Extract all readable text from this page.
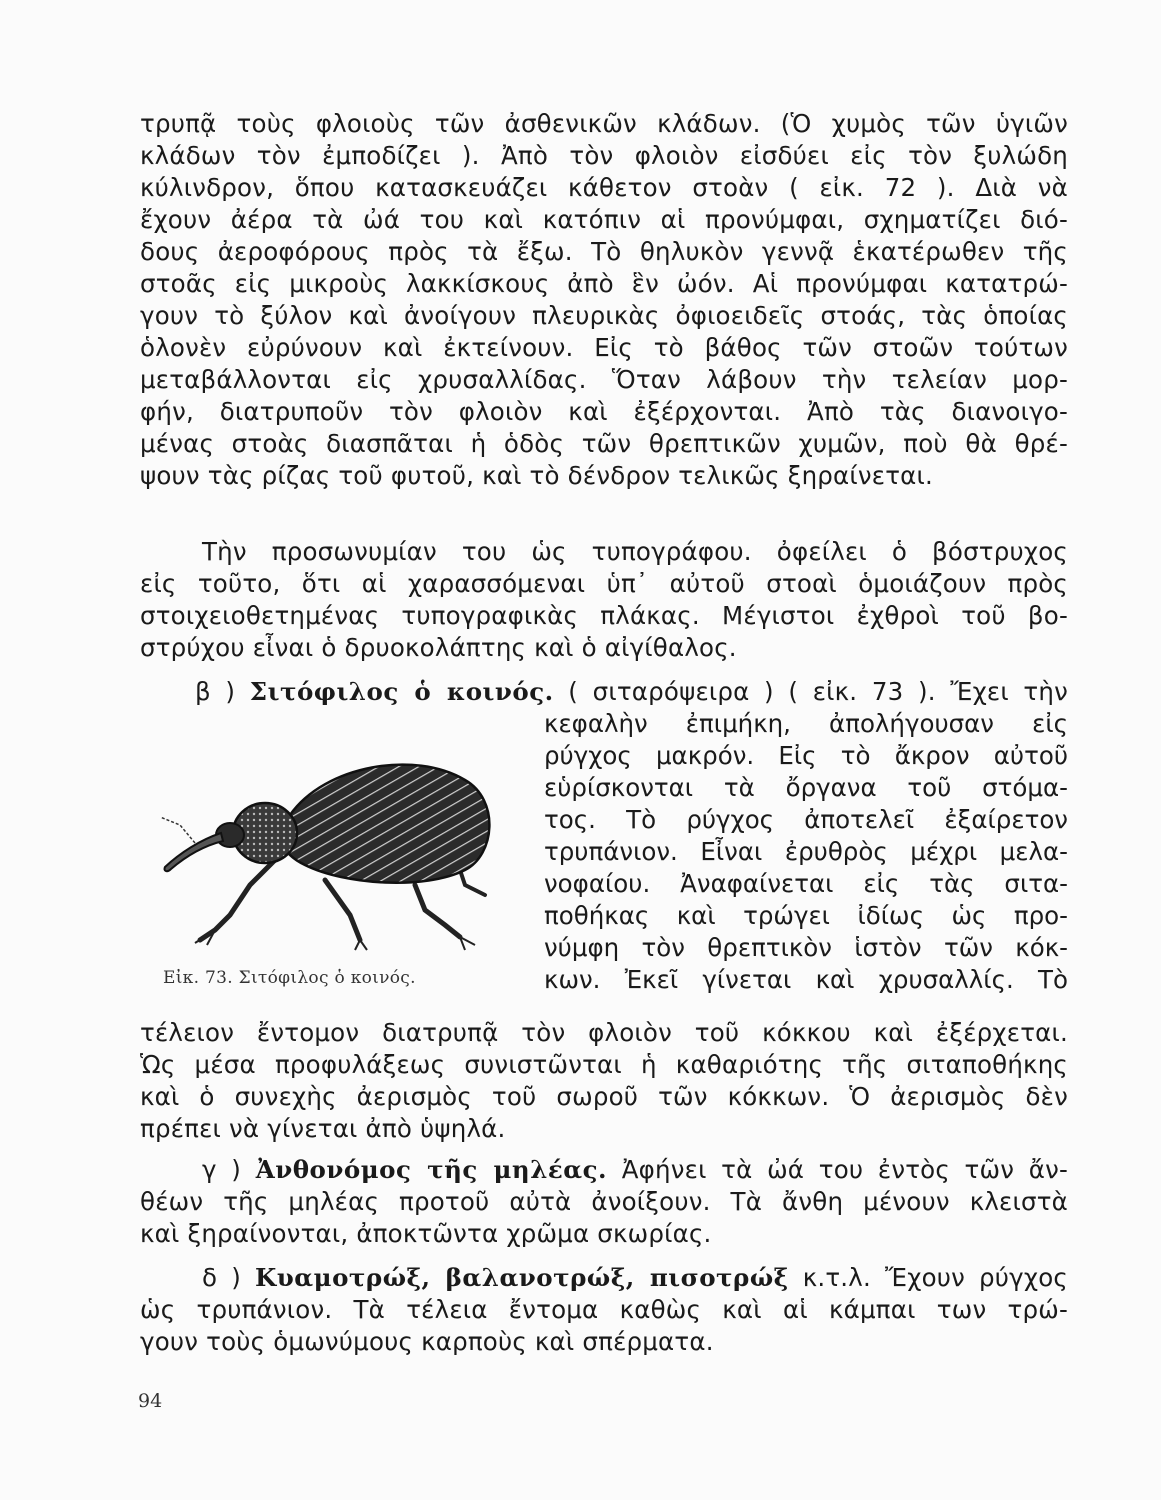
τρυπᾷ τοὺς φλοιοὺς τῶν ἀσθενικῶν κλάδων. (Ὁ χυμὸς τῶν ὑγιῶν
κλάδων τὸν ἐμποδίζει ). Ἀπὸ τὸν φλοιὸν εἰσδύει εἰς τὸν ξυλώδη
κύλινδρον, ὅπου κατασκευάζει κάθετον στοὰν ( εἰκ. 72 ). Διὰ νὰ
ἔχουν ἀέρα τὰ ὠά του καὶ κατόπιν αἱ προνύμφαι, σχηματίζει διό-
δους ἀεροφόρους πρὸς τὰ ἔξω. Τὸ θηλυκὸν γεννᾷ ἑκατέρωθεν τῆς
στοᾶς εἰς μικροὺς λακκίσκους ἀπὸ ἓν ὠόν. Αἱ προνύμφαι κατατρώ-
γουν τὸ ξύλον καὶ ἀνοίγουν πλευρικὰς ὀφιοειδεῖς στοάς, τὰς ὁποίας
ὁλονὲν εὐρύνουν καὶ ἐκτείνουν. Εἰς τὸ βάθος τῶν στοῶν τούτων
μεταβάλλονται εἰς χρυσαλλίδας. Ὅταν λάβουν τὴν τελείαν μορ-
φήν, διατρυποῦν τὸν φλοιὸν καὶ ἐξέρχονται. Ἀπὸ τὰς διανοιγο-
μένας στοὰς διασπᾶται ἡ ὁδὸς τῶν θρεπτικῶν χυμῶν, ποὺ θὰ θρέ-
ψουν τὰς ρίζας τοῦ φυτοῦ, καὶ τὸ δένδρον τελικῶς ξηραίνεται.
Τὴν προσωνυμίαν του ὡς τυπογράφου. ὀφείλει ὁ βόστρυχος
εἰς τοῦτο, ὅτι αἱ χαρασσόμεναι ὑπ᾽ αὐτοῦ στοαὶ ὁμοιάζουν πρὸς
στοιχειοθετημένας τυπογραφικὰς πλάκας. Μέγιστοι ἐχθροὶ τοῦ βο-
στρύχου εἶναι ὁ δρυοκολάπτης καὶ ὁ αἰγίθαλος.
β ) Σιτόφιλος ὁ κοινός. ( σιταρόψειρα ) ( εἰκ. 73 ). Ἔχει τὴν
Εἰκ. 73. Σιτόφιλος ὁ κοινός.
κεφαλὴν ἐπιμήκη, ἀπολήγουσαν εἰς
ρύγχος μακρόν. Εἰς τὸ ἄκρον αὐτοῦ
εὑρίσκονται τὰ ὄργανα τοῦ στόμα-
τος. Τὸ ρύγχος ἀποτελεῖ ἐξαίρετον
τρυπάνιον. Εἶναι ἐρυθρὸς μέχρι μελα-
νοφαίου. Ἀναφαίνεται εἰς τὰς σιτα-
ποθήκας καὶ τρώγει ἰδίως ὡς προ-
νύμφη τὸν θρεπτικὸν ἱστὸν τῶν κόκ-
κων. Ἐκεῖ γίνεται καὶ χρυσαλλίς. Τὸ
τέλειον ἔντομον διατρυπᾷ τὸν φλοιὸν τοῦ κόκκου καὶ ἐξέρχεται.
Ὡς μέσα προφυλάξεως συνιστῶνται ἡ καθαριότης τῆς σιταποθήκης
καὶ ὁ συνεχὴς ἀερισμὸς τοῦ σωροῦ τῶν κόκκων. Ὁ ἀερισμὸς δὲν
πρέπει νὰ γίνεται ἀπὸ ὑψηλά.
γ ) Ἀνθονόμος τῆς μηλέας. Ἀφήνει τὰ ὠά του ἐντὸς τῶν ἄν-
θέων τῆς μηλέας προτοῦ αὐτὰ ἀνοίξουν. Τὰ ἄνθη μένουν κλειστὰ
καὶ ξηραίνονται, ἀποκτῶντα χρῶμα σκωρίας.
δ ) Κυαμοτρώξ, βαλανοτρώξ, πισοτρώξ κ.τ.λ. Ἔχουν ρύγχος
ὡς τρυπάνιον. Τὰ τέλεια ἔντομα καθὼς καὶ αἱ κάμπαι των τρώ-
γουν τοὺς ὁμωνύμους καρποὺς καὶ σπέρματα.
94
